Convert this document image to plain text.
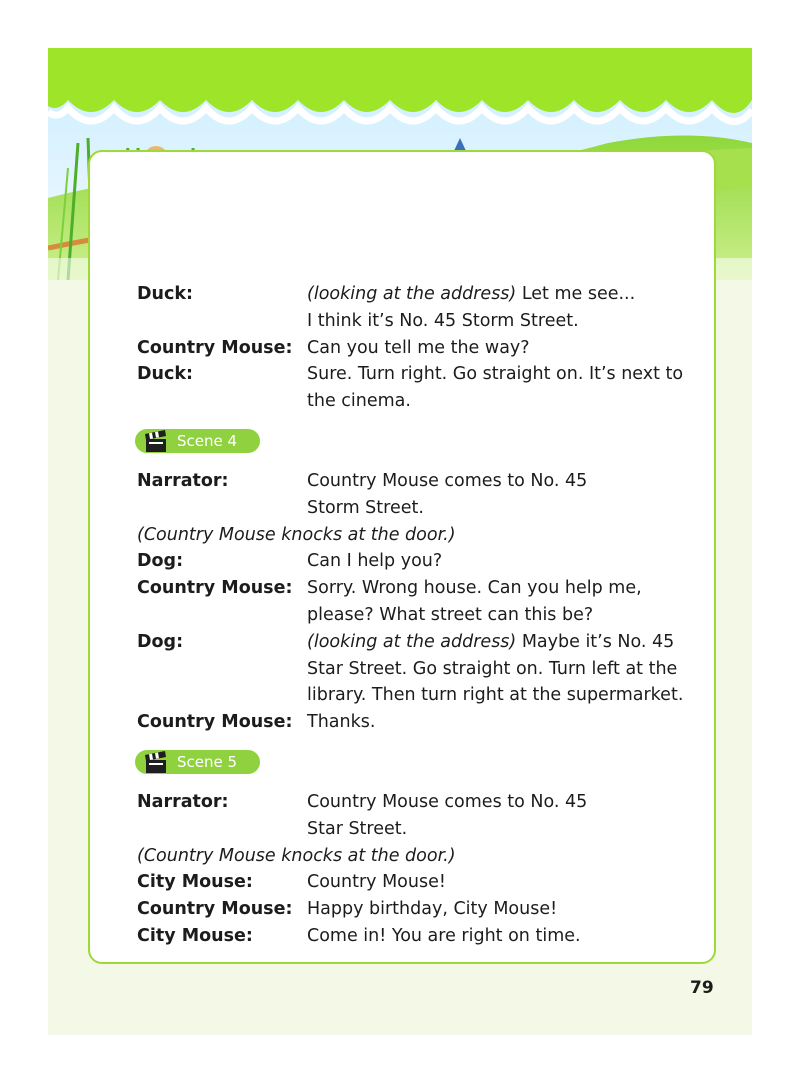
Duck:	(looking at the address) Let me see...
I think it’s No. 45 Storm Street.
Country Mouse: Can you tell me the way?
Duck:	Sure. Turn right. Go straight on. It’s next to
the cinema.
Scene 4
Narrator:	Country Mouse comes to No. 45
Storm Street.
(Country Mouse knocks at the door.)
Dog:	Can I help you?
Country Mouse: Sorry. Wrong house. Can you help me,
please? What street can this be?
Dog:	(looking at the address) Maybe it’s No. 45
Star Street. Go straight on. Turn left at the
library. Then turn right at the supermarket.
Country Mouse: Thanks.
Scene 5
Narrator:	Country Mouse comes to No. 45
Star Street.
(Country Mouse knocks at the door.)
City Mouse:	Country Mouse!
Country Mouse: Happy birthday, City Mouse!
City Mouse:	Come in! You are right on time.
79
